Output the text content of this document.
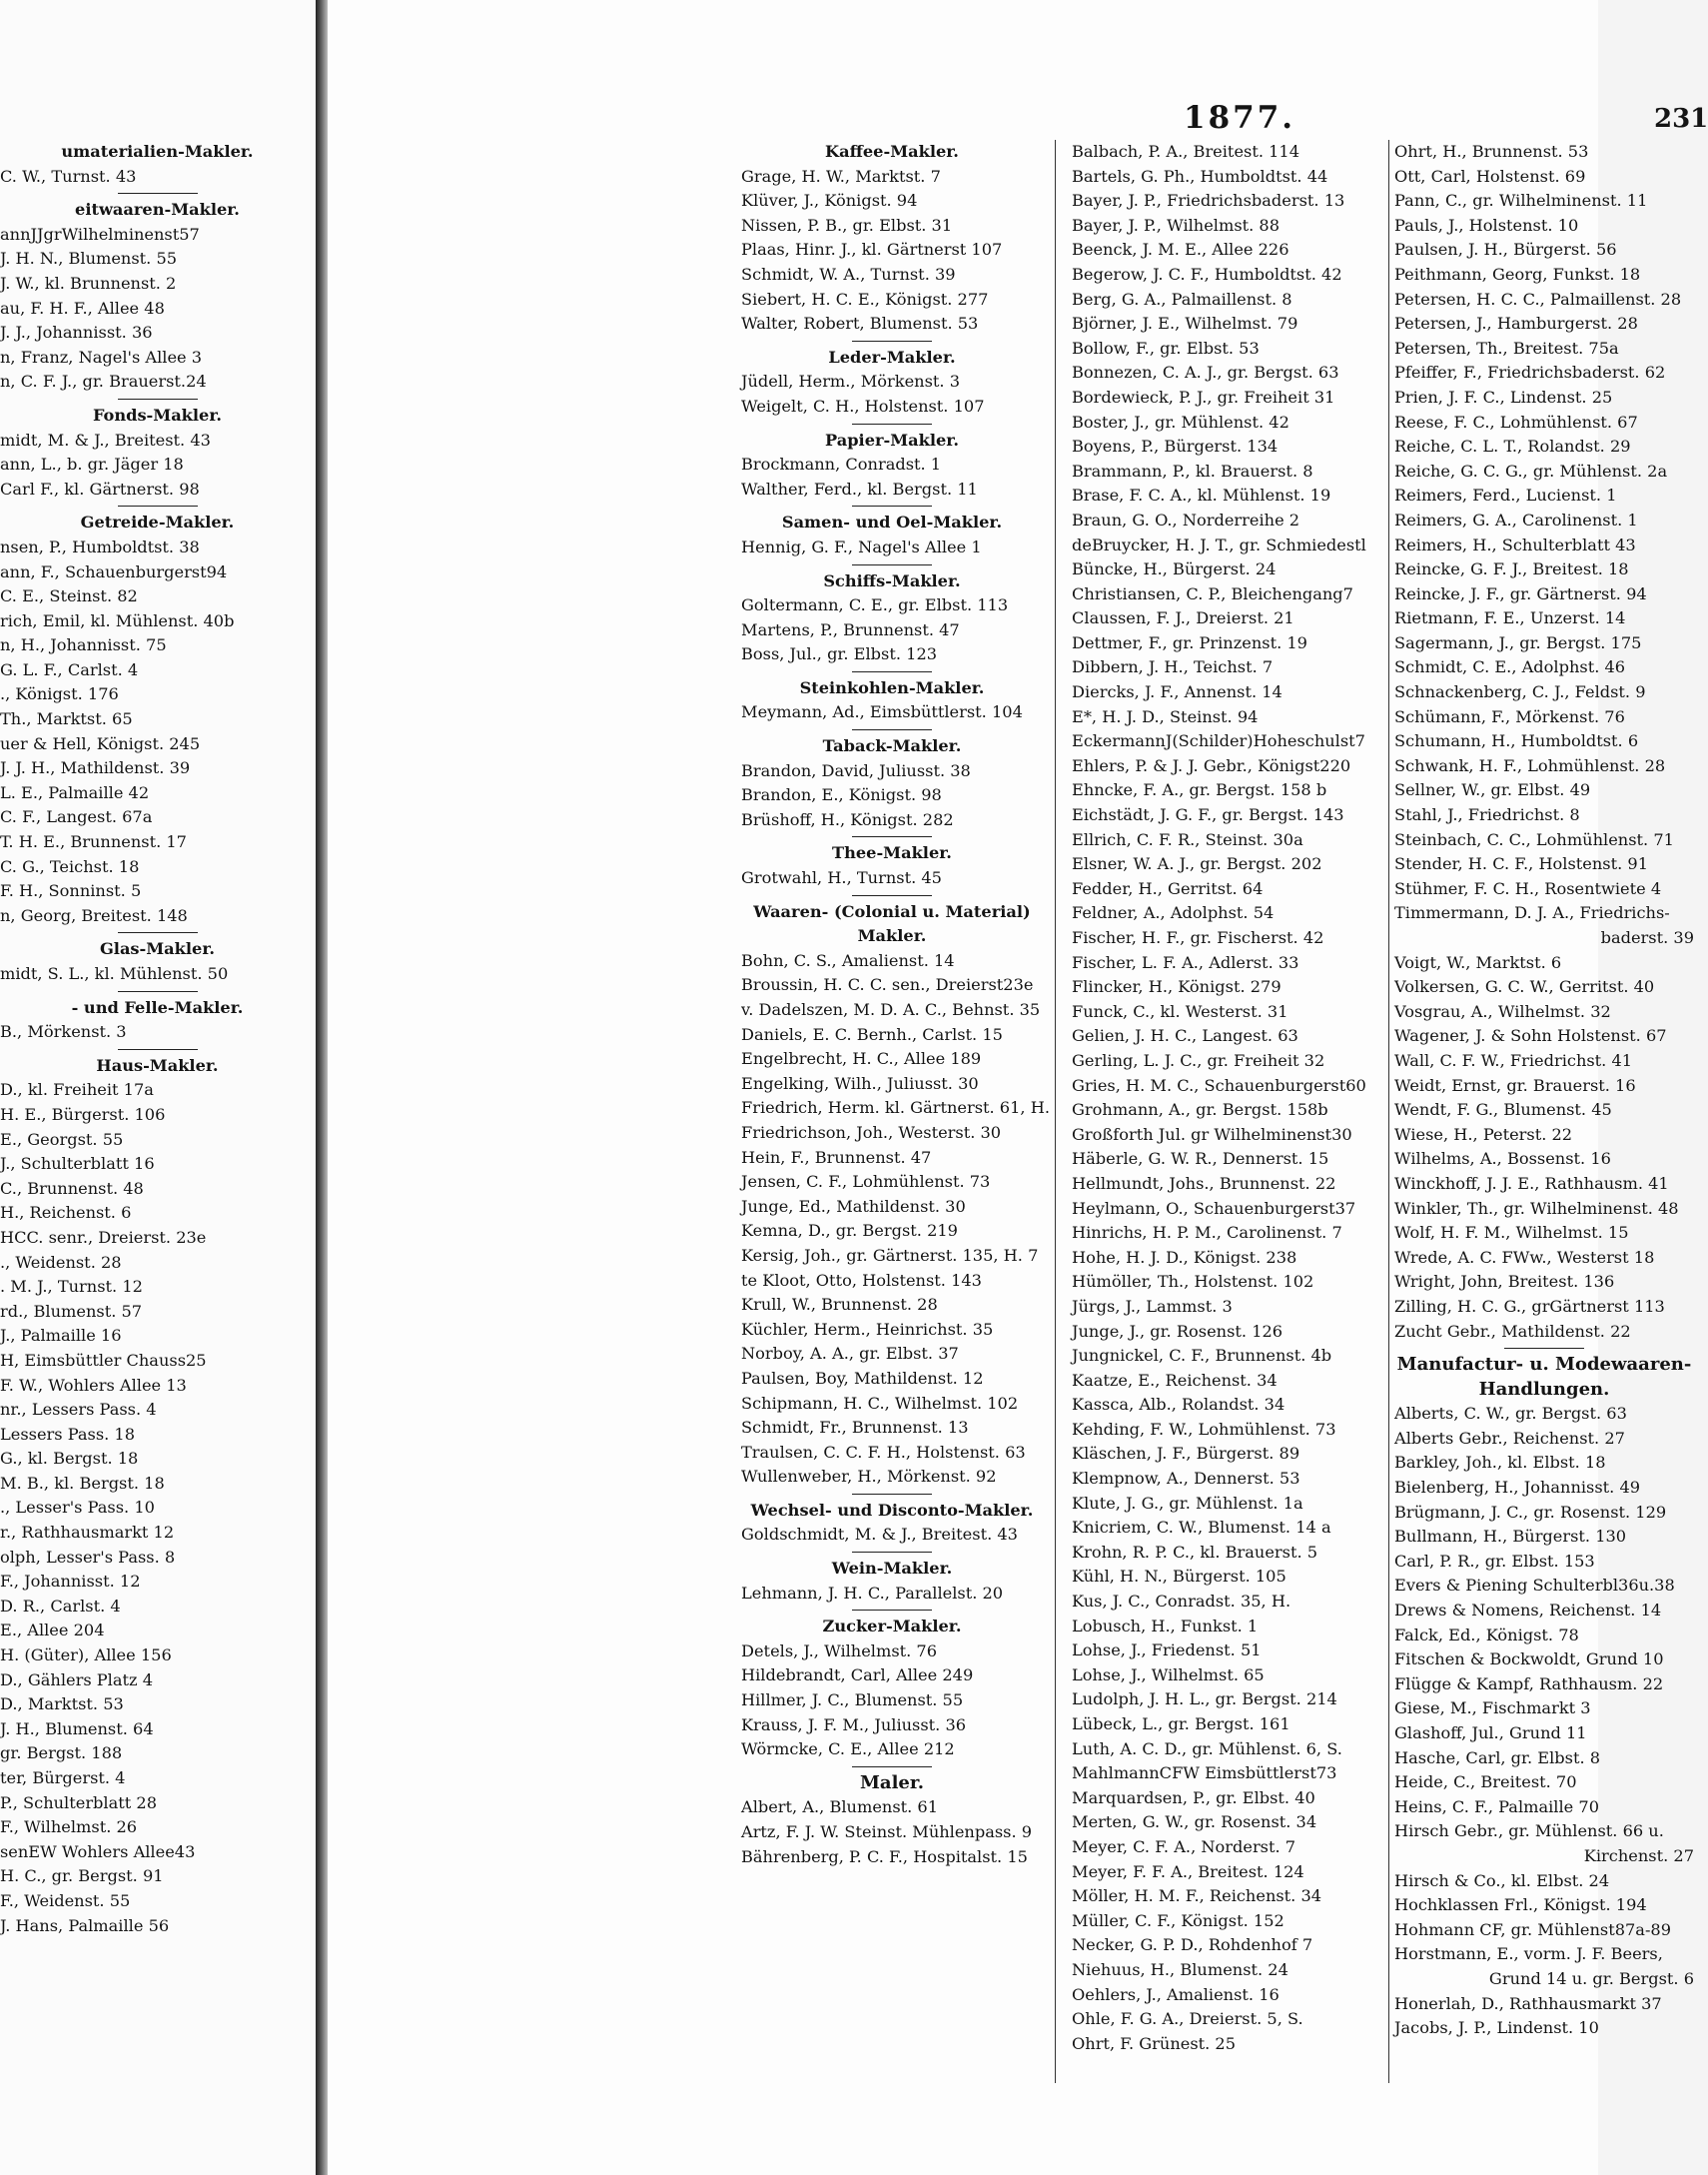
umaterialien-Makler.
C. W., Turnst. 43
eitwaaren-Makler.
annJJgrWilhelminenst57
J. H. N., Blumenst. 55
J. W., kl. Brunnenst. 2
au, F. H. F., Allee 48
J. J., Johannisst. 36
n, Franz, Nagel's Allee 3
n, C. F. J., gr. Brauerst.24
Fonds-Makler.
midt, M. & J., Breitest. 43
ann, L., b. gr. Jäger 18
Carl F., kl. Gärtnerst. 98
Getreide-Makler.
nsen, P., Humboldtst. 38
ann, F., Schauenburgerst94
C. E., Steinst. 82
rich, Emil, kl. Mühlenst. 40b
n, H., Johannisst. 75
G. L. F., Carlst. 4
., Königst. 176
Th., Marktst. 65
uer & Hell, Königst. 245
J. J. H., Mathildenst. 39
L. E., Palmaille 42
C. F., Langest. 67a
T. H. E., Brunnenst. 17
C. G., Teichst. 18
F. H., Sonninst. 5
n, Georg, Breitest. 148
Glas-Makler.
midt, S. L., kl. Mühlenst. 50
- und Felle-Makler.
B., Mörkenst. 3
Haus-Makler.
D., kl. Freiheit 17a
H. E., Bürgerst. 106
E., Georgst. 55
J., Schulterblatt 16
C., Brunnenst. 48
H., Reichenst. 6
HCC. senr., Dreierst. 23e
., Weidenst. 28
. M. J., Turnst. 12
rd., Blumenst. 57
J., Palmaille 16
H, Eimsbüttler Chauss25
F. W., Wohlers Allee 13
nr., Lessers Pass. 4
Lessers Pass. 18
G., kl. Bergst. 18
M. B., kl. Bergst. 18
., Lesser's Pass. 10
r., Rathhausmarkt 12
olph, Lesser's Pass. 8
F., Johannisst. 12
D. R., Carlst. 4
E., Allee 204
H. (Güter), Allee 156
D., Gählers Platz 4
D., Marktst. 53
J. H., Blumenst. 64
gr. Bergst. 188
ter, Bürgerst. 4
P., Schulterblatt 28
F., Wilhelmst. 26
senEW Wohlers Allee43
H. C., gr. Bergst. 91
F., Weidenst. 55
J. Hans, Palmaille 56
1877.	231
Kaffee-Makler.
Grage, H. W., Marktst. 7
Klüver, J., Königst. 94
Nissen, P. B., gr. Elbst. 31
Plaas, Hinr. J., kl. Gärtnerst 107
Schmidt, W. A., Turnst. 39
Siebert, H. C. E., Königst. 277
Walter, Robert, Blumenst. 53
Leder-Makler.
Jüdell, Herm., Mörkenst. 3
Weigelt, C. H., Holstenst. 107
Papier-Makler.
Brockmann, Conradst. 1
Walther, Ferd., kl. Bergst. 11
Samen- und Oel-Makler.
Hennig, G. F., Nagel's Allee 1
Schiffs-Makler.
Goltermann, C. E., gr. Elbst. 113
Martens, P., Brunnenst. 47
Boss, Jul., gr. Elbst. 123
Steinkohlen-Makler.
Meymann, Ad., Eimsbüttlerst. 104
Taback-Makler.
Brandon, David, Juliusst. 38
Brandon, E., Königst. 98
Brüshoff, H., Königst. 282
Thee-Makler.
Grotwahl, H., Turnst. 45
Waaren- (Colonial u. Material)
Makler.
Bohn, C. S., Amalienst. 14
Broussin, H. C. C. sen., Dreierst23e
v. Dadelszen, M. D. A. C., Behnst. 35
Daniels, E. C. Bernh., Carlst. 15
Engelbrecht, H. C., Allee 189
Engelking, Wilh., Juliusst. 30
Friedrich, Herm. kl. Gärtnerst. 61, H.
Friedrichson, Joh., Westerst. 30
Hein, F., Brunnenst. 47
Jensen, C. F., Lohmühlenst. 73
Junge, Ed., Mathildenst. 30
Kemna, D., gr. Bergst. 219
Kersig, Joh., gr. Gärtnerst. 135, H. 7
te Kloot, Otto, Holstenst. 143
Krull, W., Brunnenst. 28
Küchler, Herm., Heinrichst. 35
Norboy, A. A., gr. Elbst. 37
Paulsen, Boy, Mathildenst. 12
Schipmann, H. C., Wilhelmst. 102
Schmidt, Fr., Brunnenst. 13
Traulsen, C. C. F. H., Holstenst. 63
Wullenweber, H., Mörkenst. 92
Wechsel- und Disconto-Makler.
Goldschmidt, M. & J., Breitest. 43
Wein-Makler.
Lehmann, J. H. C., Parallelst. 20
Zucker-Makler.
Detels, J., Wilhelmst. 76
Hildebrandt, Carl, Allee 249
Hillmer, J. C., Blumenst. 55
Krauss, J. F. M., Juliusst. 36
Wörmcke, C. E., Allee 212
Maler.
Albert, A., Blumenst. 61
Artz, F. J. W. Steinst. Mühlenpass. 9
Bährenberg, P. C. F., Hospitalst. 15
Balbach, P. A., Breitest. 114
Bartels, G. Ph., Humboldtst. 44
Bayer, J. P., Friedrichsbaderst. 13
Bayer, J. P., Wilhelmst. 88
Beenck, J. M. E., Allee 226
Begerow, J. C. F., Humboldtst. 42
Berg, G. A., Palmaillenst. 8
Björner, J. E., Wilhelmst. 79
Bollow, F., gr. Elbst. 53
Bonnezen, C. A. J., gr. Bergst. 63
Bordewieck, P. J., gr. Freiheit 31
Boster, J., gr. Mühlenst. 42
Boyens, P., Bürgerst. 134
Brammann, P., kl. Brauerst. 8
Brase, F. C. A., kl. Mühlenst. 19
Braun, G. O., Norderreihe 2
deBruycker, H. J. T., gr. Schmiedestl
Büncke, H., Bürgerst. 24
Christiansen, C. P., Bleichengang7
Claussen, F. J., Dreierst. 21
Dettmer, F., gr. Prinzenst. 19
Dibbern, J. H., Teichst. 7
Diercks, J. F., Annenst. 14
E*, H. J. D., Steinst. 94
EckermannJ(Schilder)Hoheschulst7
Ehlers, P. & J. J. Gebr., Königst220
Ehncke, F. A., gr. Bergst. 158 b
Eichstädt, J. G. F., gr. Bergst. 143
Ellrich, C. F. R., Steinst. 30a
Elsner, W. A. J., gr. Bergst. 202
Fedder, H., Gerritst. 64
Feldner, A., Adolphst. 54
Fischer, H. F., gr. Fischerst. 42
Fischer, L. F. A., Adlerst. 33
Flincker, H., Königst. 279
Funck, C., kl. Westerst. 31
Gelien, J. H. C., Langest. 63
Gerling, L. J. C., gr. Freiheit 32
Gries, H. M. C., Schauenburgerst60
Grohmann, A., gr. Bergst. 158b
Großforth Jul. gr Wilhelminenst30
Häberle, G. W. R., Dennerst. 15
Hellmundt, Johs., Brunnenst. 22
Heylmann, O., Schauenburgerst37
Hinrichs, H. P. M., Carolinenst. 7
Hohe, H. J. D., Königst. 238
Hümöller, Th., Holstenst. 102
Jürgs, J., Lammst. 3
Junge, J., gr. Rosenst. 126
Jungnickel, C. F., Brunnenst. 4b
Kaatze, E., Reichenst. 34
Kassca, Alb., Rolandst. 34
Kehding, F. W., Lohmühlenst. 73
Kläschen, J. F., Bürgerst. 89
Klempnow, A., Dennerst. 53
Klute, J. G., gr. Mühlenst. 1a
Knicriem, C. W., Blumenst. 14 a
Krohn, R. P. C., kl. Brauerst. 5
Kühl, H. N., Bürgerst. 105
Kus, J. C., Conradst. 35, H.
Lobusch, H., Funkst. 1
Lohse, J., Friedenst. 51
Lohse, J., Wilhelmst. 65
Ludolph, J. H. L., gr. Bergst. 214
Lübeck, L., gr. Bergst. 161
Luth, A. C. D., gr. Mühlenst. 6, S.
MahlmannCFW Eimsbüttlerst73
Marquardsen, P., gr. Elbst. 40
Merten, G. W., gr. Rosenst. 34
Meyer, C. F. A., Norderst. 7
Meyer, F. F. A., Breitest. 124
Möller, H. M. F., Reichenst. 34
Müller, C. F., Königst. 152
Necker, G. P. D., Rohdenhof 7
Niehuus, H., Blumenst. 24
Oehlers, J., Amalienst. 16
Ohle, F. G. A., Dreierst. 5, S.
Ohrt, F. Grünest. 25
Ohrt, H., Brunnenst. 53
Ott, Carl, Holstenst. 69
Pann, C., gr. Wilhelminenst. 11
Pauls, J., Holstenst. 10
Paulsen, J. H., Bürgerst. 56
Peithmann, Georg, Funkst. 18
Petersen, H. C. C., Palmaillenst. 28
Petersen, J., Hamburgerst. 28
Petersen, Th., Breitest. 75a
Pfeiffer, F., Friedrichsbaderst. 62
Prien, J. F. C., Lindenst. 25
Reese, F. C., Lohmühlenst. 67
Reiche, C. L. T., Rolandst. 29
Reiche, G. C. G., gr. Mühlenst. 2a
Reimers, Ferd., Lucienst. 1
Reimers, G. A., Carolinenst. 1
Reimers, H., Schulterblatt 43
Reincke, G. F. J., Breitest. 18
Reincke, J. F., gr. Gärtnerst. 94
Rietmann, F. E., Unzerst. 14
Sagermann, J., gr. Bergst. 175
Schmidt, C. E., Adolphst. 46
Schnackenberg, C. J., Feldst. 9
Schümann, F., Mörkenst. 76
Schumann, H., Humboldtst. 6
Schwank, H. F., Lohmühlenst. 28
Sellner, W., gr. Elbst. 49
Stahl, J., Friedrichst. 8
Steinbach, C. C., Lohmühlenst. 71
Stender, H. C. F., Holstenst. 91
Stühmer, F. C. H., Rosentwiete 4
Timmermann, D. J. A., Friedrichs-
baderst. 39
Voigt, W., Marktst. 6
Volkersen, G. C. W., Gerritst. 40
Vosgrau, A., Wilhelmst. 32
Wagener, J. & Sohn Holstenst. 67
Wall, C. F. W., Friedrichst. 41
Weidt, Ernst, gr. Brauerst. 16
Wendt, F. G., Blumenst. 45
Wiese, H., Peterst. 22
Wilhelms, A., Bossenst. 16
Winckhoff, J. J. E., Rathhausm. 41
Winkler, Th., gr. Wilhelminenst. 48
Wolf, H. F. M., Wilhelmst. 15
Wrede, A. C. FWw., Westerst 18
Wright, John, Breitest. 136
Zilling, H. C. G., grGärtnerst 113
Zucht Gebr., Mathildenst. 22
Manufactur- u. Modewaaren-
Handlungen.
Alberts, C. W., gr. Bergst. 63
Alberts Gebr., Reichenst. 27
Barkley, Joh., kl. Elbst. 18
Bielenberg, H., Johannisst. 49
Brügmann, J. C., gr. Rosenst. 129
Bullmann, H., Bürgerst. 130
Carl, P. R., gr. Elbst. 153
Evers & Piening Schulterbl36u.38
Drews & Nomens, Reichenst. 14
Falck, Ed., Königst. 78
Fitschen & Bockwoldt, Grund 10
Flügge & Kampf, Rathhausm. 22
Giese, M., Fischmarkt 3
Glashoff, Jul., Grund 11
Hasche, Carl, gr. Elbst. 8
Heide, C., Breitest. 70
Heins, C. F., Palmaille 70
Hirsch Gebr., gr. Mühlenst. 66 u.
Kirchenst. 27
Hirsch & Co., kl. Elbst. 24
Hochklassen Frl., Königst. 194
Hohmann CF, gr. Mühlenst87a-89
Horstmann, E., vorm. J. F. Beers,
Grund 14 u. gr. Bergst. 6
Honerlah, D., Rathhausmarkt 37
Jacobs, J. P., Lindenst. 10
